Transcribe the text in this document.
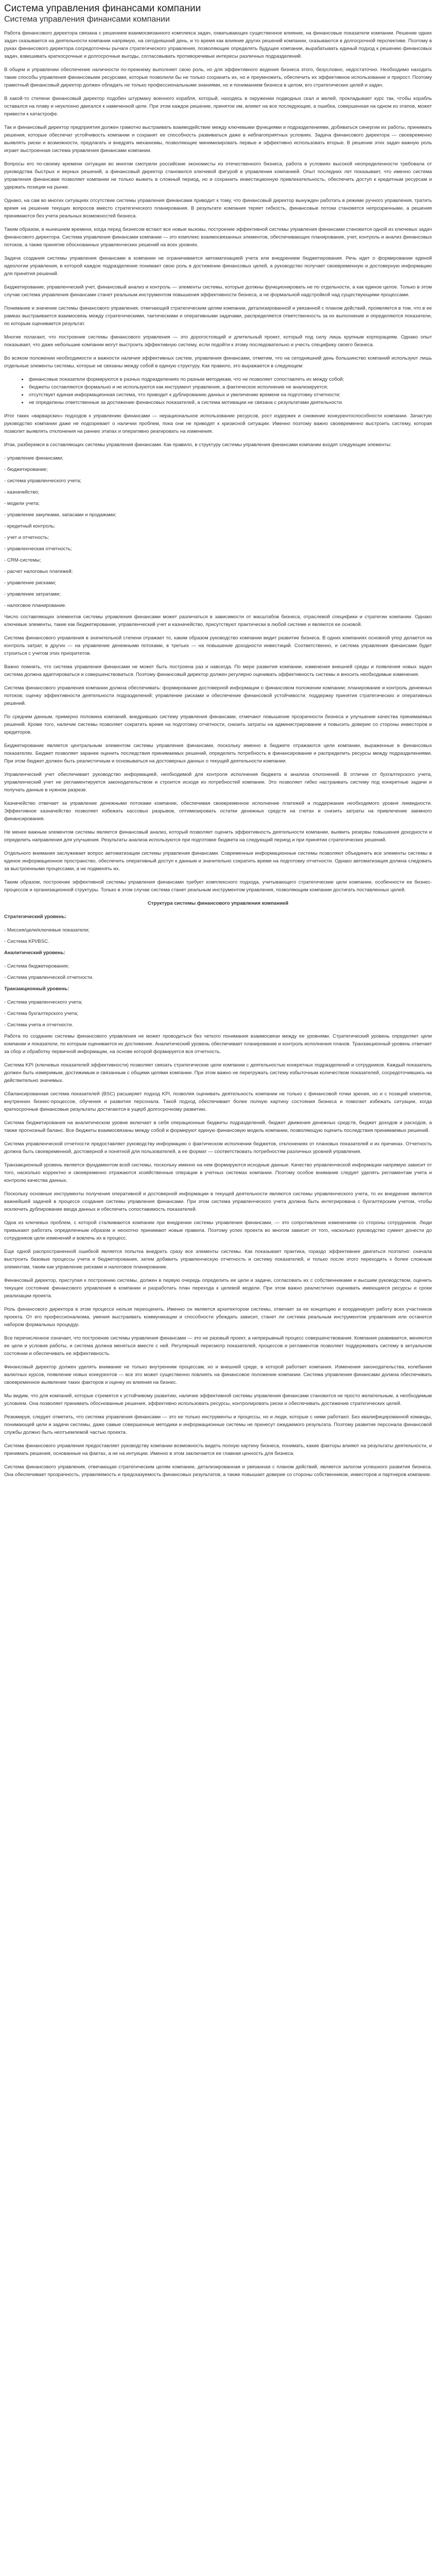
Система управления финансами компании
Система управления финансами компании

Работа финансового директора связана с решением взаимосвязанного комплекса задач, охватывающих существенное влияние, на финансовые показатели компании. Решение одних задач сказывается на деятельности компании напрямую, на сегодняшний день, и то время как влияние других решений компании, сказываются в долгосрочной перспективе. Поэтому в руках финансового директора сосредоточены рычаги стратегического управления, позволяющие определять будущее компании, вырабатывать единый подход к решению финансовых задач, взвешивать краткосрочные и долгосрочные выгоды, согласовывать противоречивые интересы различных подразделений.

В общем и управлении обеспечение наличности по-прежнему выполняет свою роль, но для эффективного ведения бизнеса этого, безусловно, недостаточно. Необходимо находить такие способы управления финансовыми ресурсами, которые позволили бы не только сохранить их, но и преумножить, обеспечить их эффективное использование и прирост. Поэтому грамотный финансовый директор должен обладать не только профессиональными знаниями, но и пониманием бизнеса в целом, его стратегических целей и задач.

В какой-то степени финансовый директор подобен штурману военного корабля, который, находясь в окружении подводных скал и мелей, прокладывает курс так, чтобы корабль оставался на плаву и неуклонно двигался к намеченной цели. При этом каждое решение, принятое им, влияет на все последующие, а ошибка, совершенная на одном из этапов, может привести к катастрофе.

Так и финансовый директор предприятия должен грамотно выстраивать взаимодействие между ключевыми функциями и подразделениями, добиваться синергии их работы, принимать решения, которые обеспечат устойчивость компании и сохранят ее способность развиваться даже в неблагоприятных условиях. Задача финансового директора — своевременно выявлять риски и возможности, предлагать и внедрять механизмы, позволяющие минимизировать первые и эффективно использовать вторые. В решении этих задач важную роль играет выстроенная система управления финансами компании.

Вопросы его по-своему времени ситуации во многом смотрели российские экономисты из отечественного бизнеса, работа в условиях высокой неопределенности требовала от руководства быстрых и верных решений, а финансовый директор становился ключевой фигурой в управлении компанией. Опыт последних лет показывает, что именно система управления финансами позволяет компании не только выжить в сложный период, но и сохранить инвестиционную привлекательность, обеспечить доступ к кредитным ресурсам и удержать позиции на рынке.

Однако, на сам во многих ситуациях отсутствие системы управления финансами приводит к тому, что финансовый директор вынужден работать в режиме ручного управления, тратить время на решение текущих вопросов вместо стратегического планирования. В результате компания теряет гибкость, финансовые потоки становятся непрозрачными, а решения принимаются без учета реальных возможностей бизнеса.

Таким образом, в нынешнем времени, когда перед бизнесом встают все новые вызовы, построение эффективной системы управления финансами становится одной из ключевых задач финансового директора. Система управления финансами компании — это комплекс взаимосвязанных элементов, обеспечивающих планирование, учет, контроль и анализ финансовых потоков, а также принятие обоснованных управленческих решений на всех уровнях.

Задача создания системы управления финансами в компании не ограничивается автоматизацией учета или внедрением бюджетирования. Речь идет о формировании единой идеологии управления, в которой каждое подразделение понимает свою роль в достижении финансовых целей, а руководство получает своевременную и достоверную информацию для принятия решений.

Бюджетирование, управленческий учет, финансовый анализ и контроль — элементы системы, которые должны функционировать не по отдельности, а как единое целое. Только в этом случае система управления финансами станет реальным инструментом повышения эффективности бизнеса, а не формальной надстройкой над существующими процессами.

Понимание и значение системы финансового управления, отвечающей стратегическим целям компании, детализированной и увязанной с планом действий, проявляется в том, что в ее рамках выстраивается взаимосвязь между стратегическими, тактическими и оперативными задачами, распределяется ответственность за их выполнение и определяются показатели, по которым оценивается результат.

Многие полагают, что построение системы финансового управления — это дорогостоящий и длительный проект, который под силу лишь крупным корпорациям. Однако опыт показывает, что даже небольшие компании могут выстроить эффективную систему, если подойти к этому последовательно и учесть специфику своего бизнеса.

Во всяком положении необходимости и важности наличия эффективных систем, управления финансами, отметим, что на сегодняшний день большинство компаний используют лишь отдельные элементы системы, которые не связаны между собой в единую структуру. Как правило, это выражается в следующем:

• финансовые показатели формируются в разных подразделениях по разным методикам, что не позволяет сопоставлять их между собой;
• бюджеты составляются формально и не используются как инструмент управления, а фактическое исполнение не анализируется;
• отсутствует единая информационная система, что приводит к дублированию данных и увеличению времени на подготовку отчетности;
• не определены ответственные за достижение финансовых показателей, а система мотивации не связана с результатами деятельности.

Итог таких «варварских» подходов к управлению финансами — нерациональное использование ресурсов, рост издержек и снижение конкурентоспособности компании. Зачастую руководство компании даже не подозревает о наличии проблем, пока они не приводят к кризисной ситуации. Именно поэтому важно своевременно выстроить систему, которая позволит выявлять отклонения на ранних этапах и оперативно реагировать на изменения.

Итак, разберемся в составляющих системы управления финансами. Как правило, в структуру системы управления финансами компании входят следующие элементы:

- управление финансами;

- бюджетирование;

- система управленческого учета;

- казначейство;

- модели учета;

- управление закупками, запасами и продажами;

- кредитный контроль;

- учет и отчетность;

- управленческая отчетность;

- CRM-системы;

- расчет налоговых платежей;

- управление рисками;

- управление затратами;

- налоговое планирование.

Число составляющих элементов системы управления финансами может различаться в зависимости от масштабов бизнеса, отраслевой специфики и стратегии компании. Однако ключевые элементы, такие как бюджетирование, управленческий учет и казначейство, присутствуют практически в любой системе и являются ее основой.

Система финансового управления в значительной степени отражает то, каким образом руководство компании видит развитие бизнеса. В одних компаниях основной упор делается на контроль затрат, в других — на управление денежными потоками, в третьих — на повышение доходности инвестиций. Соответственно, и система управления финансами будет строиться с учетом этих приоритетов.

Важно помнить, что система управления финансами не может быть построена раз и навсегда. По мере развития компании, изменения внешней среды и появления новых задач система должна адаптироваться и совершенствоваться. Поэтому финансовый директор должен регулярно оценивать эффективность системы и вносить необходимые изменения.

Система финансового управления компании должна обеспечивать: формирование достоверной информации о финансовом положении компании; планирование и контроль денежных потоков; оценку эффективности деятельности подразделений; управление рисками и обеспечение финансовой устойчивости; поддержку принятия стратегических и оперативных решений.

По средним данным, примерно половина компаний, внедривших систему управления финансами, отмечают повышение прозрачности бизнеса и улучшение качества принимаемых решений. Кроме того, наличие системы позволяет сократить время на подготовку отчетности, снизить затраты на администрирование и повысить доверие со стороны инвесторов и кредиторов.

Бюджетирование является центральным элементом системы управления финансами, поскольку именно в бюджете отражаются цели компании, выраженные в финансовых показателях. Бюджет позволяет заранее оценить последствия принимаемых решений, определить потребность в финансировании и распределить ресурсы между подразделениями. При этом бюджет должен быть реалистичным и основываться на достоверных данных о текущей деятельности компании.

Управленческий учет обеспечивает руководство информацией, необходимой для контроля исполнения бюджета и анализа отклонений. В отличие от бухгалтерского учета, управленческий учет не регламентируется законодательством и строится исходя из потребностей компании. Это позволяет гибко настраивать систему под конкретные задачи и получать данные в нужном разрезе.

Казначейство отвечает за управление денежными потоками компании, обеспечивая своевременное исполнение платежей и поддержание необходимого уровня ликвидности. Эффективное казначейство позволяет избежать кассовых разрывов, оптимизировать остатки денежных средств на счетах и снизить затраты на привлечение заемного финансирования.

Не менее важным элементом системы является финансовый анализ, который позволяет оценить эффективность деятельности компании, выявить резервы повышения доходности и определить направления для улучшения. Результаты анализа используются при подготовке бюджета на следующий период и при принятии стратегических решений.

Отдельного внимания заслуживает вопрос автоматизации системы управления финансами. Современные информационные системы позволяют объединить все элементы системы в единое информационное пространство, обеспечить оперативный доступ к данным и значительно сократить время на подготовку отчетности. Однако автоматизация должна следовать за выстроенными процессами, а не подменять их.

Таким образом, построение эффективной системы управления финансами требует комплексного подхода, учитывающего стратегические цели компании, особенности ее бизнес-процессов и организационной структуры. Только в этом случае система станет реальным инструментом управления, позволяющим компании достигать поставленных целей.

Структура системы финансового управления компанией

Стратегический уровень:

- Миссия/цели/ключевые показатели;

- Система KPI/BSC.

Аналитический уровень:

- Система бюджетирования;

- Система управленческой отчетности.

Транзакционный уровень:

- Система управленческого учета;

- Система бухгалтерского учета;

- Система учета и отчетности.

Работа по созданию системы финансового управления не может проводиться без четкого понимания взаимосвязи между ее уровнями. Стратегический уровень определяет цели компании и показатели, по которым оценивается их достижение. Аналитический уровень обеспечивает планирование и контроль исполнения планов. Транзакционный уровень отвечает за сбор и обработку первичной информации, на основе которой формируется вся отчетность.

Система KPI (ключевых показателей эффективности) позволяет связать стратегические цели компании с деятельностью конкретных подразделений и сотрудников. Каждый показатель должен быть измеримым, достижимым и связанным с общими целями компании. При этом важно не перегружать систему избыточным количеством показателей, сосредоточившись на действительно значимых.

Сбалансированная система показателей (BSC) расширяет подход KPI, позволяя оценивать деятельность компании не только с финансовой точки зрения, но и с позиций клиентов, внутренних бизнес-процессов, обучения и развития персонала. Такой подход обеспечивает более полную картину состояния бизнеса и помогает избежать ситуации, когда краткосрочные финансовые результаты достигаются в ущерб долгосрочному развитию.

Система бюджетирования на аналитическом уровне включает в себя операционные бюджеты подразделений, бюджет движения денежных средств, бюджет доходов и расходов, а также прогнозный баланс. Все бюджеты взаимосвязаны между собой и формируют единую финансовую модель компании, позволяющую оценить последствия принимаемых решений.

Система управленческой отчетности предоставляет руководству информацию о фактическом исполнении бюджетов, отклонениях от плановых показателей и их причинах. Отчетность должна быть своевременной, достоверной и понятной для пользователей, а ее формат — соответствовать потребностям различных уровней управления.

Транзакционный уровень является фундаментом всей системы, поскольку именно на нем формируются исходные данные. Качество управленческой информации напрямую зависит от того, насколько корректно и своевременно отражаются хозяйственные операции в учетных системах компании. Поэтому особое внимание следует уделять регламентам учета и контролю качества данных.

Поскольку основные инструменты получения оперативной и достоверной информации в текущей деятельности являются системы управленческого учета, то их внедрение является важнейшей задачей в процессе создания системы управления финансами. При этом система управленческого учета должна быть интегрирована с бухгалтерским учетом, чтобы исключить дублирование ввода данных и обеспечить сопоставимость показателей.

Одна из ключевых проблем, с которой сталкиваются компании при внедрении системы управления финансами, — это сопротивление изменениям со стороны сотрудников. Люди привыкают работать определенным образом и неохотно принимают новые правила. Поэтому успех проекта во многом зависит от того, насколько руководство сумеет донести до сотрудников цели изменений и вовлечь их в процесс.

Еще одной распространенной ошибкой является попытка внедрить сразу все элементы системы. Как показывает практика, гораздо эффективнее двигаться поэтапно: сначала выстроить базовые процессы учета и бюджетирования, затем добавить управленческую отчетность и систему показателей, и только после этого переходить к более сложным элементам, таким как управление рисками и налоговое планирование.

Финансовый директор, приступая к построению системы, должен в первую очередь определить ее цели и задачи, согласовать их с собственниками и высшим руководством, оценить текущее состояние финансового управления в компании и разработать план перехода к целевой модели. При этом важно реалистично оценивать имеющиеся ресурсы и сроки реализации проекта.

Роль финансового директора в этом процессе нельзя переоценить. Именно он является архитектором системы, отвечает за ее концепцию и координирует работу всех участников проекта. От его профессионализма, умения выстраивать коммуникации и способности убеждать зависит, станет ли система реальным инструментом управления или останется набором формальных процедур.

Все перечисленное означает, что построение системы управления финансами — это не разовый проект, а непрерывный процесс совершенствования. Компания развивается, меняются ее цели и условия работы, и система должна меняться вместе с ней. Регулярный пересмотр показателей, процессов и регламентов позволяет поддерживать систему в актуальном состоянии и обеспечивать ее эффективность.

Финансовый директор должен уделять внимание не только внутренним процессам, но и внешней среде, в которой работает компания. Изменения законодательства, колебания валютных курсов, появление новых конкурентов — все это может существенно повлиять на финансовое положение компании. Система управления финансами должна обеспечивать своевременное выявление таких факторов и оценку их влияния на бизнес.

Мы видим, что для компаний, которые стремятся к устойчивому развитию, наличие эффективной системы управления финансами становится не просто желательным, а необходимым условием. Она позволяет принимать обоснованные решения, эффективно использовать ресурсы, контролировать риски и обеспечивать достижение стратегических целей.

Резюмируя, следует отметить, что система управления финансами — это не только инструменты и процессы, но и люди, которые с ними работают. Без квалифицированной команды, понимающей цели и задачи системы, даже самые совершенные методики и информационные системы не принесут ожидаемого результата. Поэтому развитие персонала финансовой службы должно быть неотъемлемой частью проекта.

Система финансового управления предоставляет руководству компании возможность видеть полную картину бизнеса, понимать, какие факторы влияют на результаты деятельности, и принимать решения, основанные на фактах, а не на интуиции. Именно в этом заключается ее главная ценность для бизнеса.

Система финансового управления, отвечающая стратегическим целям компании, детализированная и увязанная с планом действий, является залогом успешного развития бизнеса. Она обеспечивает прозрачность, управляемость и предсказуемость финансовых результатов, а также повышает доверие со стороны собственников, инвесторов и партнеров компании.
